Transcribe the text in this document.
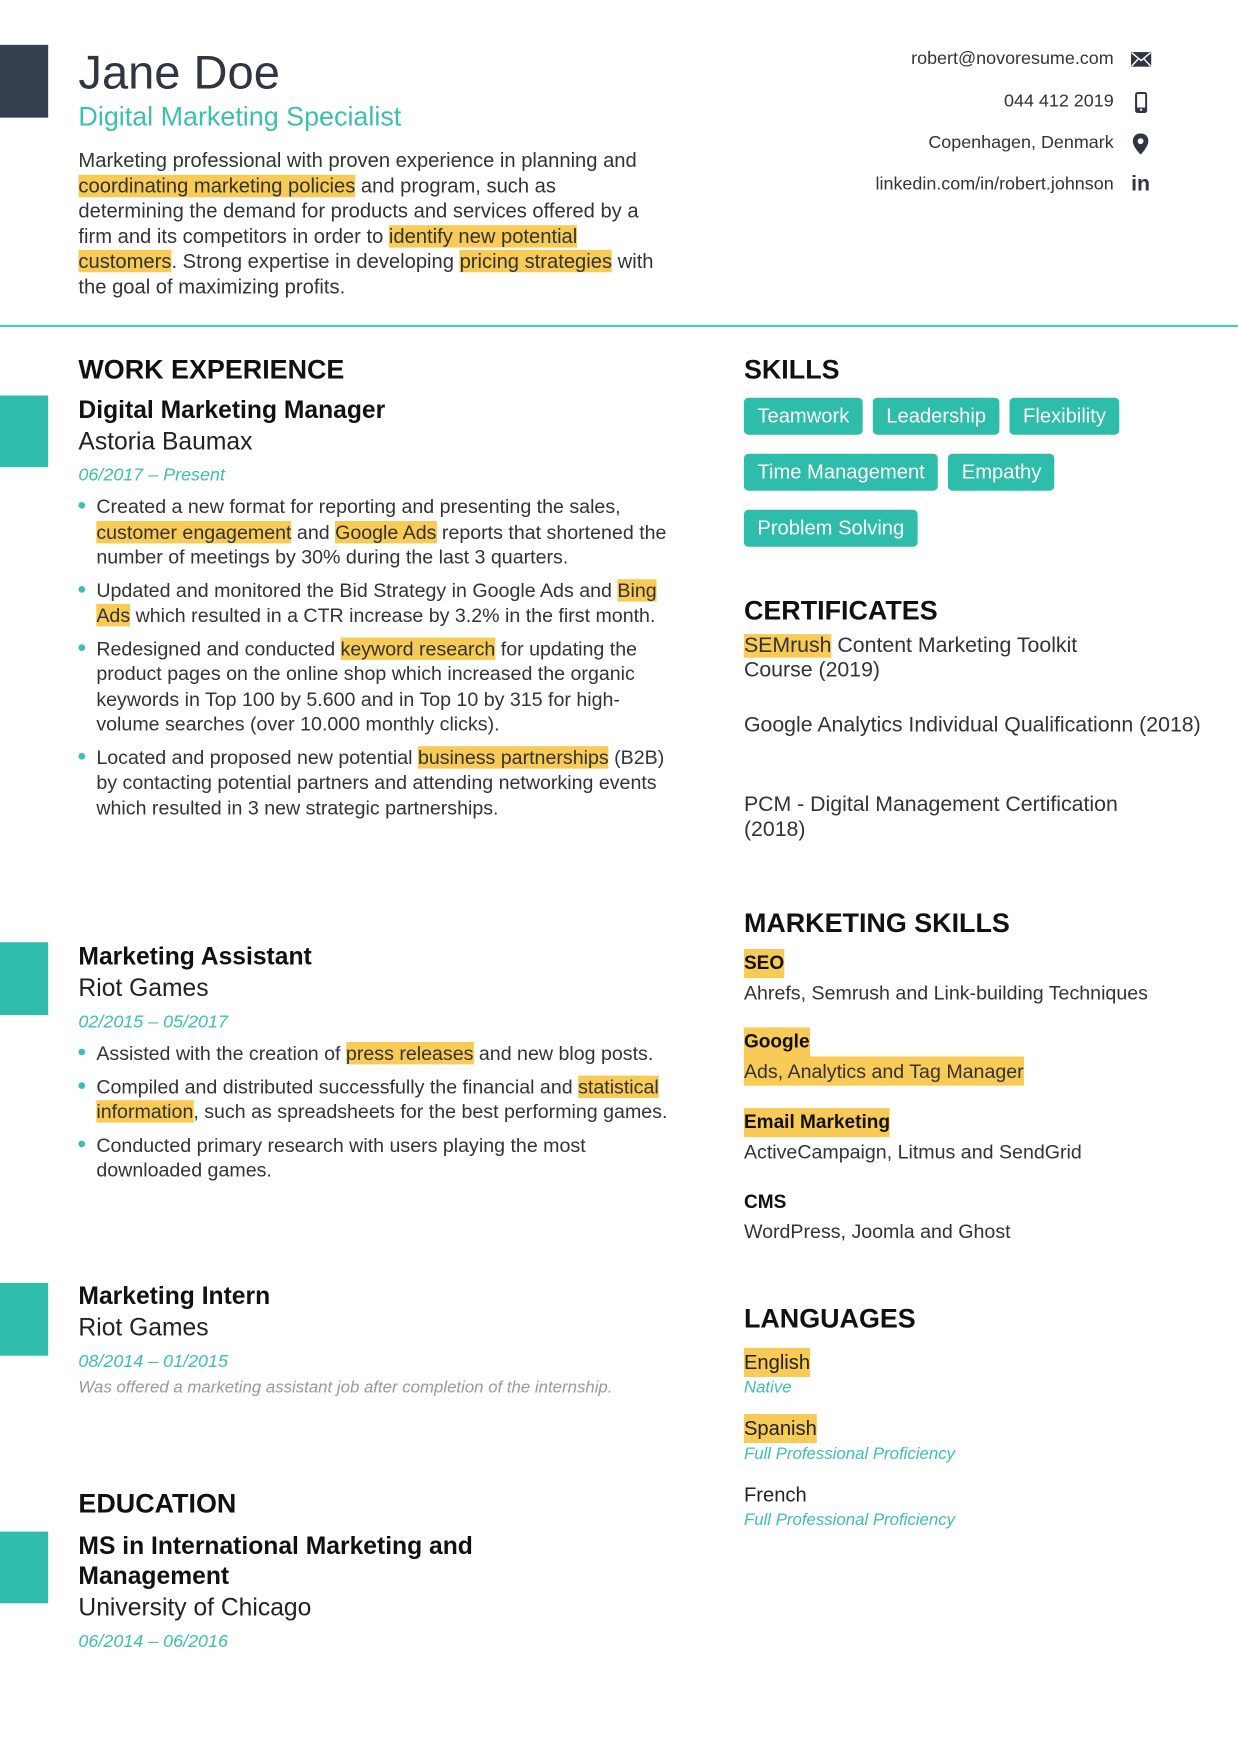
Jane Doe
Digital Marketing Specialist
Marketing professional with proven experience in planning and coordinating marketing policies and program, such as determining the demand for products and services offered by a firm and its competitors in order to identify new potential customers. Strong expertise in developing pricing strategies with the goal of maximizing profits.
robert@novoresume.com
044 412 2019
Copenhagen, Denmark
linkedin.com/in/robert.johnson in
WORK EXPERIENCE
Digital Marketing Manager
Astoria Baumax
06/2017 – Present
Created a new format for reporting and presenting the sales, customer engagement and Google Ads reports that shortened the number of meetings by 30% during the last 3 quarters.
Updated and monitored the Bid Strategy in Google Ads and Bing Ads which resulted in a CTR increase by 3.2% in the first month.
Redesigned and conducted keyword research for updating the product pages on the online shop which increased the organic keywords in Top 100 by 5.600 and in Top 10 by 315 for high-volume searches (over 10.000 monthly clicks).
Located and proposed new potential business partnerships (B2B) by contacting potential partners and attending networking events which resulted in 3 new strategic partnerships.
Marketing Assistant
Riot Games
02/2015 – 05/2017
Assisted with the creation of press releases and new blog posts.
Compiled and distributed successfully the financial and statistical information, such as spreadsheets for the best performing games.
Conducted primary research with users playing the most downloaded games.
Marketing Intern
Riot Games
08/2014 – 01/2015
Was offered a marketing assistant job after completion of the internship.
EDUCATION
MS in International Marketing and Management
University of Chicago
06/2014 – 06/2016
SKILLS
Teamwork	Leadership	Flexibility
Time Management	Empathy
Problem Solving
CERTIFICATES
SEMrush Content Marketing Toolkit Course (2019)
Google Analytics Individual Qualificationn (2018)
PCM - Digital Management Certification (2018)
MARKETING SKILLS
SEO
Ahrefs, Semrush and Link-building Techniques
Google
Ads, Analytics and Tag Manager
Email Marketing
ActiveCampaign, Litmus and SendGrid
CMS
WordPress, Joomla and Ghost
LANGUAGES
English
Native
Spanish
Full Professional Proficiency
French
Full Professional Proficiency
